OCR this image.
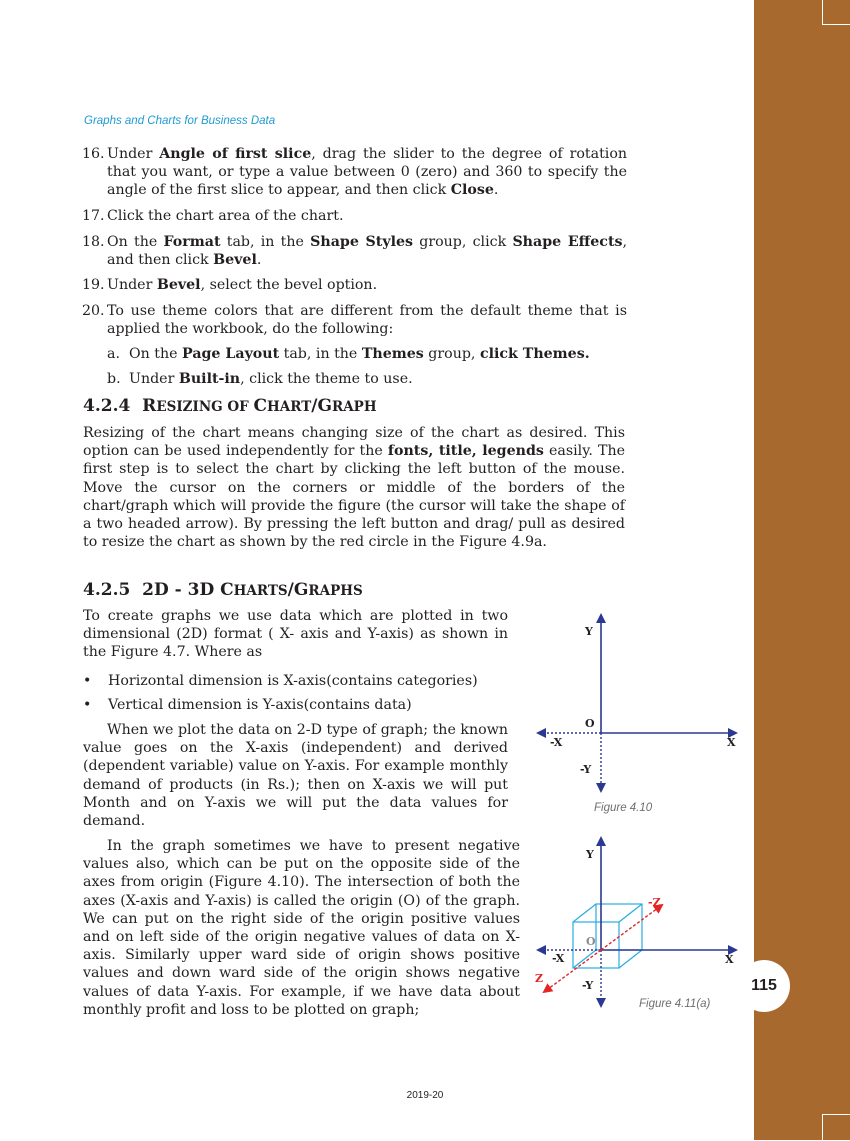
115
Graphs and Charts for Business Data
16. Under Angle of first slice, drag the slider to the degree of rotation that you want, or type a value between 0 (zero) and 360 to specify the angle of the first slice to appear, and then click Close.
17. Click the chart area of the chart.
18. On the Format tab, in the Shape Styles group, click Shape Effects, and then click Bevel.
19. Under Bevel, select the bevel option.
20. To use theme colors that are different from the default theme that is applied the workbook, do the following:
a. On the Page Layout tab, in the Themes group, click Themes.
b. Under Built-in, click the theme to use.
4.2.4 RESIZING OF CHART/GRAPH
Resizing of the chart means changing size of the chart as desired. This option can be used independently for the fonts, title, legends easily. The first step is to select the chart by clicking the left button of the mouse. Move the cursor on the corners or middle of the borders of the chart/graph which will provide the figure (the cursor will take the shape of a two headed arrow). By pressing the left button and drag/ pull as desired to resize the chart as shown by the red circle in the Figure 4.9a.
4.2.5 2D - 3D CHARTS/GRAPHS
To create graphs we use data which are plotted in two dimensional (2D) format ( X- axis and Y-axis) as shown in the Figure 4.7. Where as
• Horizontal dimension is X-axis(contains categories)
• Vertical dimension is Y-axis(contains data)
When we plot the data on 2-D type of graph; the known value goes on the X-axis (independent) and derived (dependent variable) value on Y-axis. For example monthly demand of products (in Rs.); then on X-axis we will put Month and on Y-axis we will put the data values for demand.
In the graph sometimes we have to present negative values also, which can be put on the opposite side of the axes from origin (Figure 4.10). The intersection of both the axes (X-axis and Y-axis) is called the origin (O) of the graph. We can put on the right side of the origin positive values and on left side of the origin negative values of data on X-axis. Similarly upper ward side of origin shows positive values and down ward side of the origin shows negative values of data Y-axis. For example, if we have data about monthly profit and loss to be plotted on graph;
Y
O
-X	X
-Y
Figure 4.10
Y
O
-X	X
-Y
-Z
Z
Figure 4.11(a)
2019-20
